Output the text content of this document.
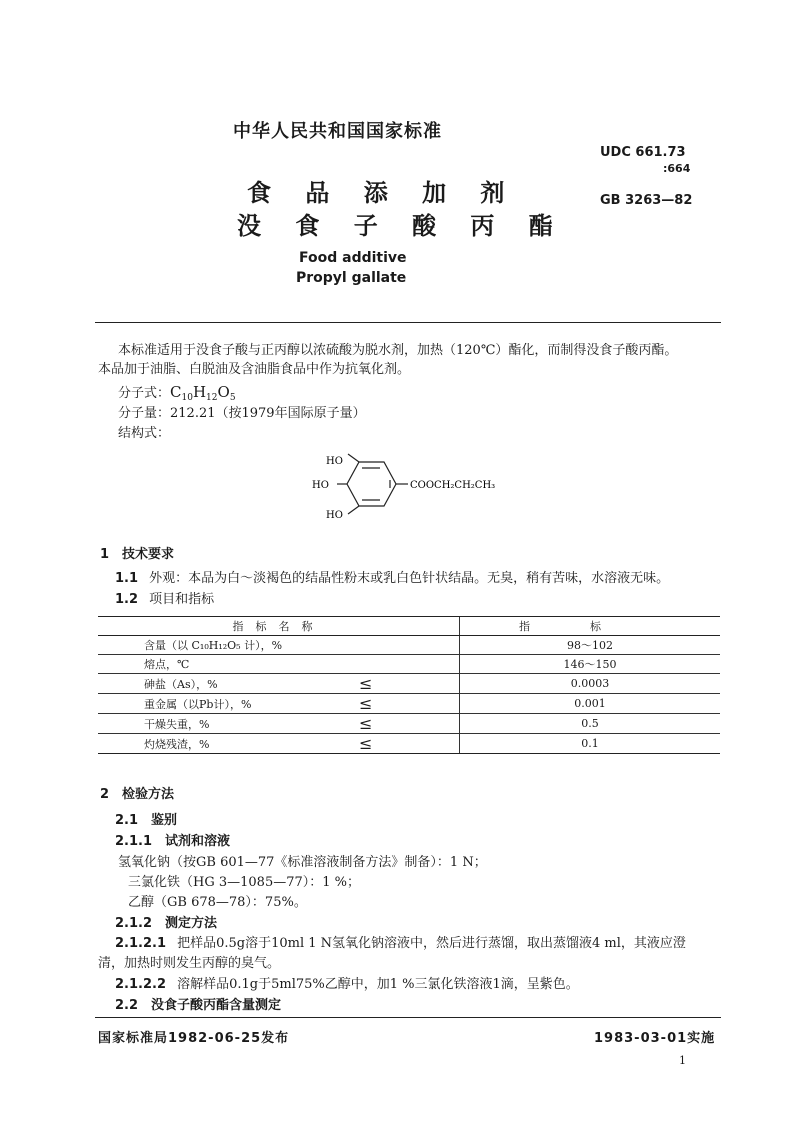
中华人民共和国国家标准
食 品 添 加 剂
没 食 子 酸 丙 酯
Food additive
Propyl gallate
UDC 661.73
:664
GB 3263—82
本标准适用于没食子酸与正丙醇以浓硫酸为脱水剂，加热（120℃）酯化，而制得没食子酸丙酯。
本品加于油脂、白脱油及含油脂食品中作为抗氧化剂。
分子式：$C_{10}H_{12}O_5$
分子量：212.21（按1979年国际原子量）
结构式：
HO
HO
HO
COOCH₂CH₂CH₃
1　技术要求
1.1 外观：本品为白～淡褐色的结晶性粉末或乳白色针状结晶。无臭，稍有苦味，水溶液无味。
1.2 项目和指标
指标名称		指标
含量（以 C₁₀H₁₂O₅ 计），%		98～102
熔点，℃		146～150
砷盐（As），%	≤	0.0003
重金属（以Pb计），%	≤	0.001
干燥失重，%	≤	0.5
灼烧残渣，%	≤	0.1
2　检验方法
2.1　鉴别
2.1.1　试剂和溶液
氢氧化钠（按GB 601—77《标准溶液制备方法》制备）：1 N；
三氯化铁（HG 3—1085—77）：1 %；
乙醇（GB 678—78）：75%。
2.1.2　测定方法
2.1.2.1 把样品0.5g溶于10ml 1 N氢氧化钠溶液中，然后进行蒸馏，取出蒸馏液4 ml，其液应澄
清，加热时则发生丙醇的臭气。
2.1.2.2 溶解样品0.1g于5ml75%乙醇中，加1 %三氯化铁溶液1滴，呈紫色。
2.2　没食子酸丙酯含量测定
国家标准局1982-06-25发布	1983-03-01实施
1
